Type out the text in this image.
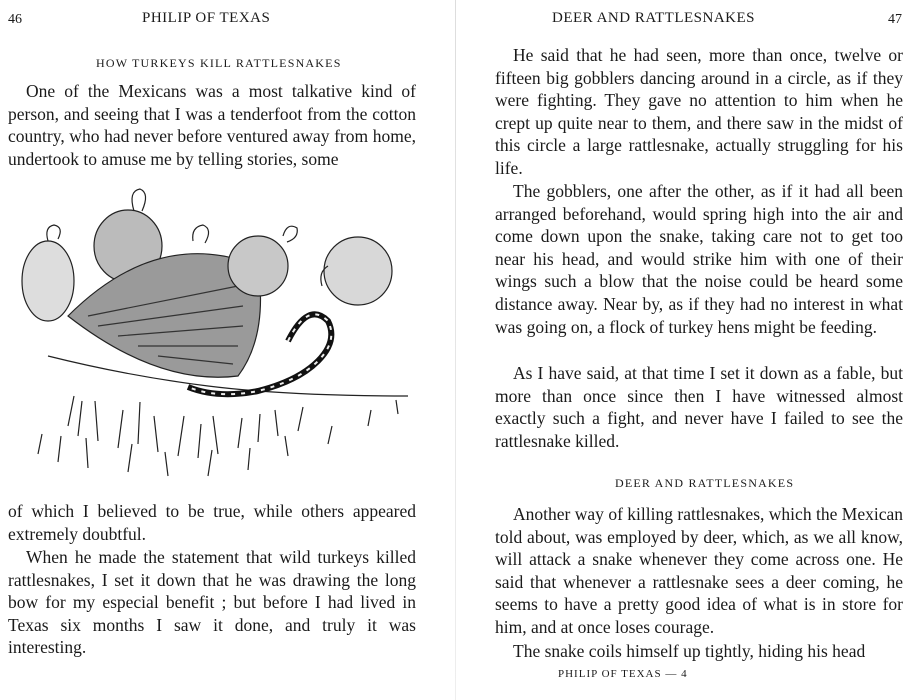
46	PHILIP OF TEXAS
HOW TURKEYS KILL RATTLESNAKES

One of the Mexicans was a most talkative kind of person, and seeing that I was a tenderfoot from the cotton country, who had never before ventured away from home, undertook to amuse me by telling stories, some

of which I believed to be true, while others appeared extremely doubtful.

When he made the statement that wild turkeys killed rattlesnakes, I set it down that he was drawing the long bow for my especial benefit ; but before I had lived in Texas six months I saw it done, and truly it was interesting.

DEER AND RATTLESNAKES	47

He said that he had seen, more than once, twelve or fifteen big gobblers dancing around in a circle, as if they were fighting. They gave no attention to him when he crept up quite near to them, and there saw in the midst of this circle a large rattlesnake, actually struggling for his life.

The gobblers, one after the other, as if it had all been arranged beforehand, would spring high into the air and come down upon the snake, taking care not to get too near his head, and would strike him with one of their wings such a blow that the noise could be heard some distance away. Near by, as if they had no interest in what was going on, a flock of turkey hens might be feeding.

As I have said, at that time I set it down as a fable, but more than once since then I have witnessed almost exactly such a fight, and never have I failed to see the rattlesnake killed.

DEER AND RATTLESNAKES

Another way of killing rattlesnakes, which the Mexican told about, was employed by deer, which, as we all know, will attack a snake whenever they come across one. He said that whenever a rattlesnake sees a deer coming, he seems to have a pretty good idea of what is in store for him, and at once loses courage.

The snake coils himself up tightly, hiding his head

PHILIP OF TEXAS — 4
